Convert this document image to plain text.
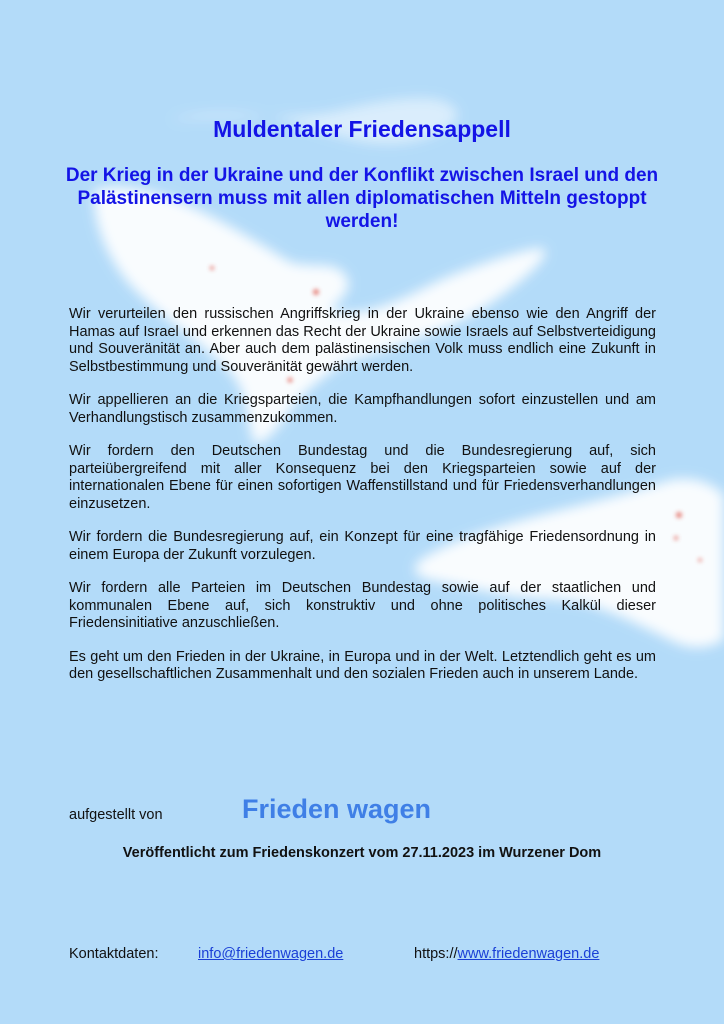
Muldentaler Friedensappell
Der Krieg in der Ukraine und der Konflikt zwischen Israel und den Palästinensern muss mit allen diplomatischen Mitteln gestoppt werden!

Wir verurteilen den russischen Angriffskrieg in der Ukraine ebenso wie den Angriff der Hamas auf Israel und erkennen das Recht der Ukraine sowie Israels auf Selbstverteidigung und Souveränität an. Aber auch dem palästinensischen Volk muss endlich eine Zukunft in Selbstbestimmung und Souveränität gewährt werden.

Wir appellieren an die Kriegsparteien, die Kampfhandlungen sofort einzustellen und am Verhandlungstisch zusammenzukommen.

Wir fordern den Deutschen Bundestag und die Bundesregierung auf, sich parteiübergreifend mit aller Konsequenz bei den Kriegsparteien sowie auf der internationalen Ebene für einen sofortigen Waffenstillstand und für Friedensverhandlungen einzusetzen.

Wir fordern die Bundesregierung auf, ein Konzept für eine tragfähige Friedensordnung in einem Europa der Zukunft vorzulegen.

Wir fordern alle Parteien im Deutschen Bundestag sowie auf der staatlichen und kommunalen Ebene auf, sich konstruktiv und ohne politisches Kalkül dieser Friedensinitiative anzuschließen.

Es geht um den Frieden in der Ukraine, in Europa und in der Welt. Letztendlich geht es um den gesellschaftlichen Zusammenhalt und den sozialen Frieden auch in unserem Lande.

aufgestellt von	Frieden wagen
Veröffentlicht zum Friedenskonzert vom 27.11.2023 im Wurzener Dom
Kontaktdaten:	info@friedenwagen.de	https://www.friedenwagen.de
